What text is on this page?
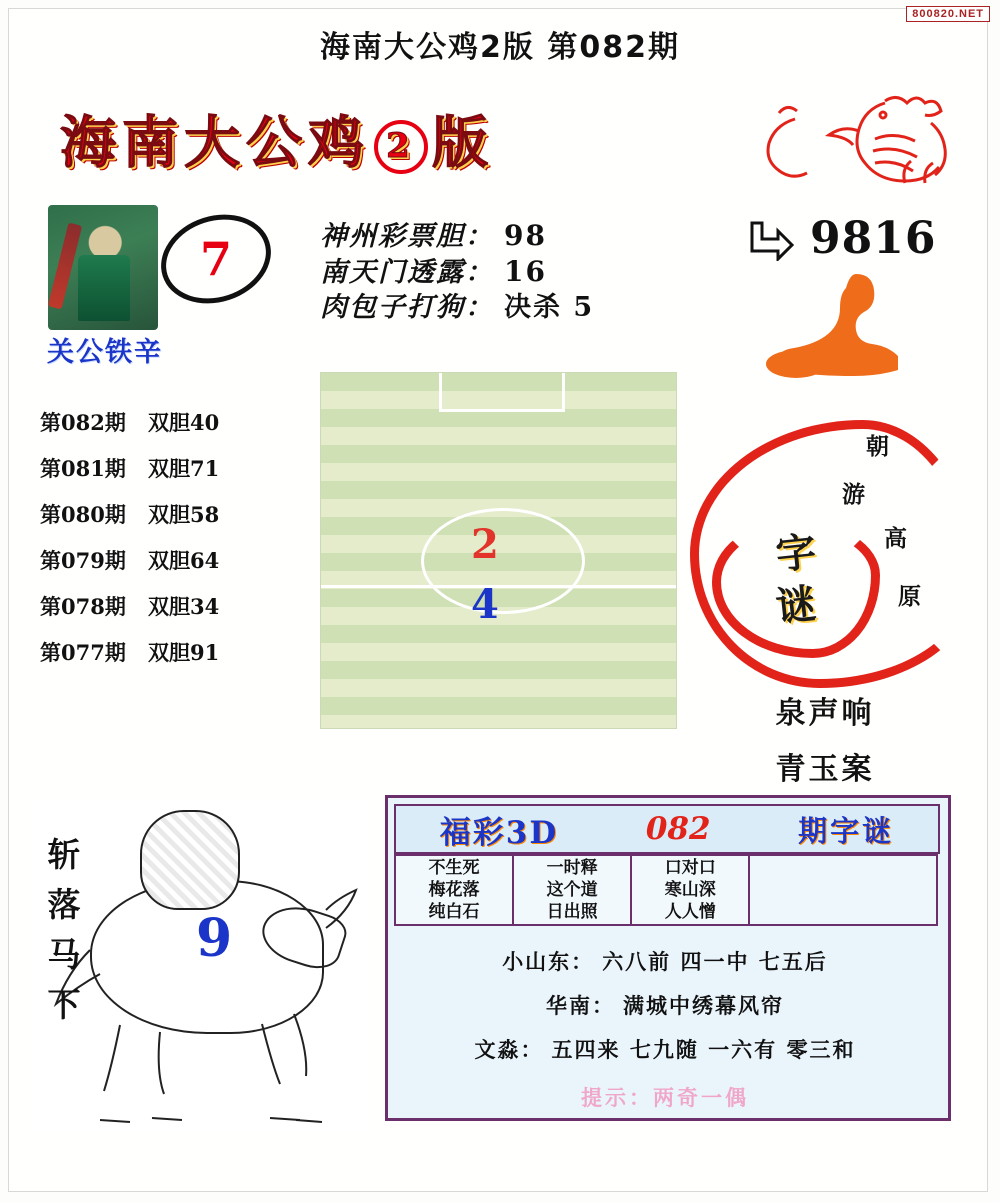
800820.NET
海南大公鸡2版 第082期
海南大公鸡 2 版
关公铁辛
7	神州彩票胆： 98
南天门透露： 16
肉包子打狗： 决杀 5
9816
第082期 双胆40
第081期 双胆71
第080期 双胆58
第079期 双胆64
第078期 双胆34
第077期 双胆91
2
4
字
谜
朝
游
高
原
泉声响
青玉案
斩
落
马
下
9
福彩3D	082	期字谜
不生死
梅花落
纯白石
一时释
这个道
日出照
口对口
寒山深
人人憎
小山东： 六八前 四一中 七五后
华南： 满城中绣幕风帘
文淼： 五四来 七九随 一六有 零三和
提示：两奇一偶
